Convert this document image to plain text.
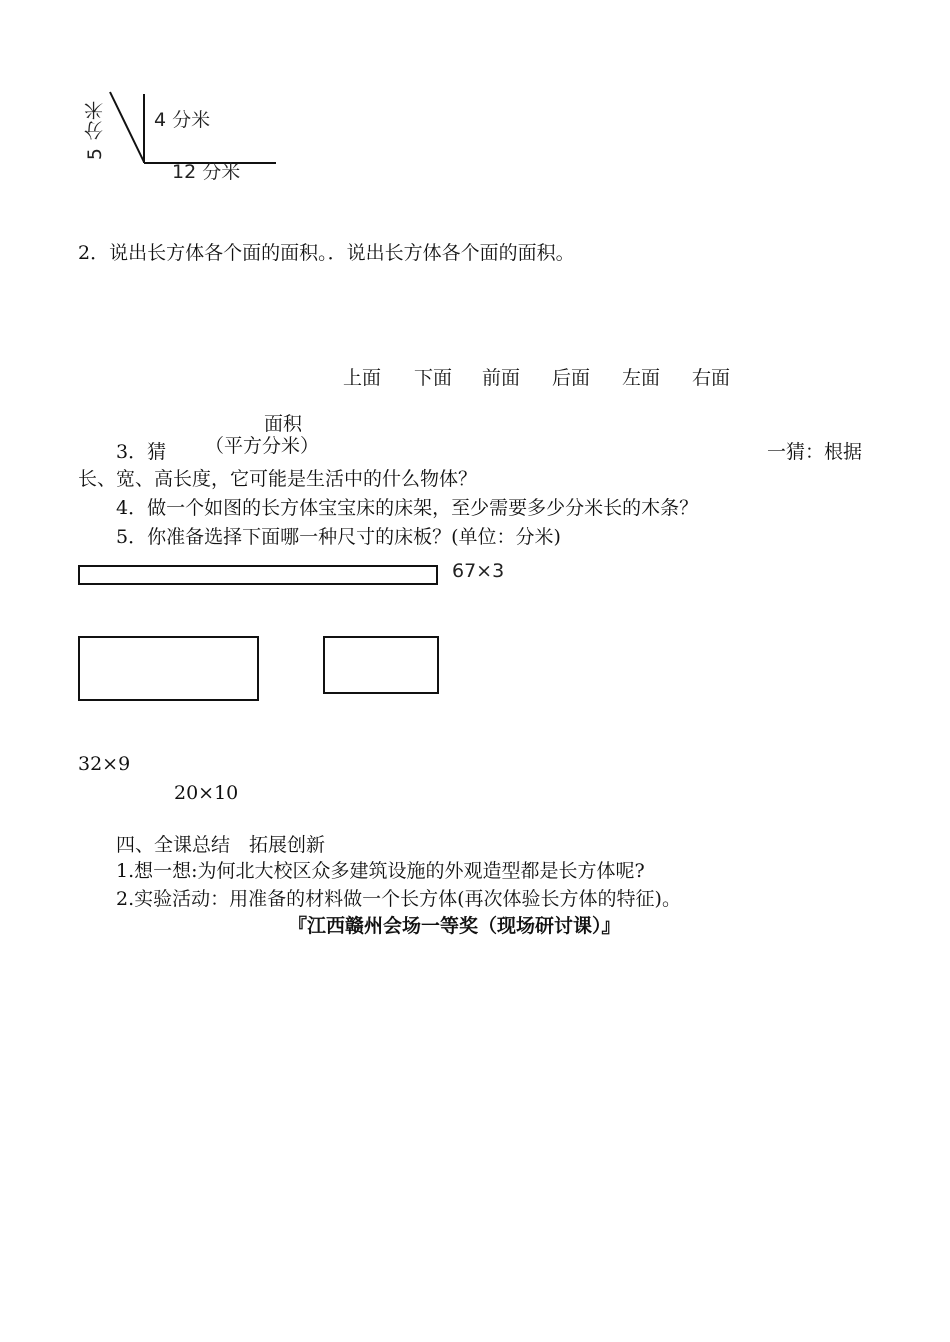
4 分米
5 分米
12 分米
2．说出长方体各个面的面积。．说出长方体各个面的面积。
上面 下面 前面 后面 左面 右面
面积
（平方分米）
3．猜	一猜：根据
长、宽、高长度，它可能是生活中的什么物体？
4．做一个如图的长方体宝宝床的床架，至少需要多少分米长的木条？
5．你准备选择下面哪一种尺寸的床板？(单位：分米)
67×3
32×9
20×10
四、全课总结　拓展创新
1.想一想:为何北大校区众多建筑设施的外观造型都是长方体呢?
2.实验活动：用准备的材料做一个长方体(再次体验长方体的特征)。
『江西赣州会场一等奖（现场研讨课）』
